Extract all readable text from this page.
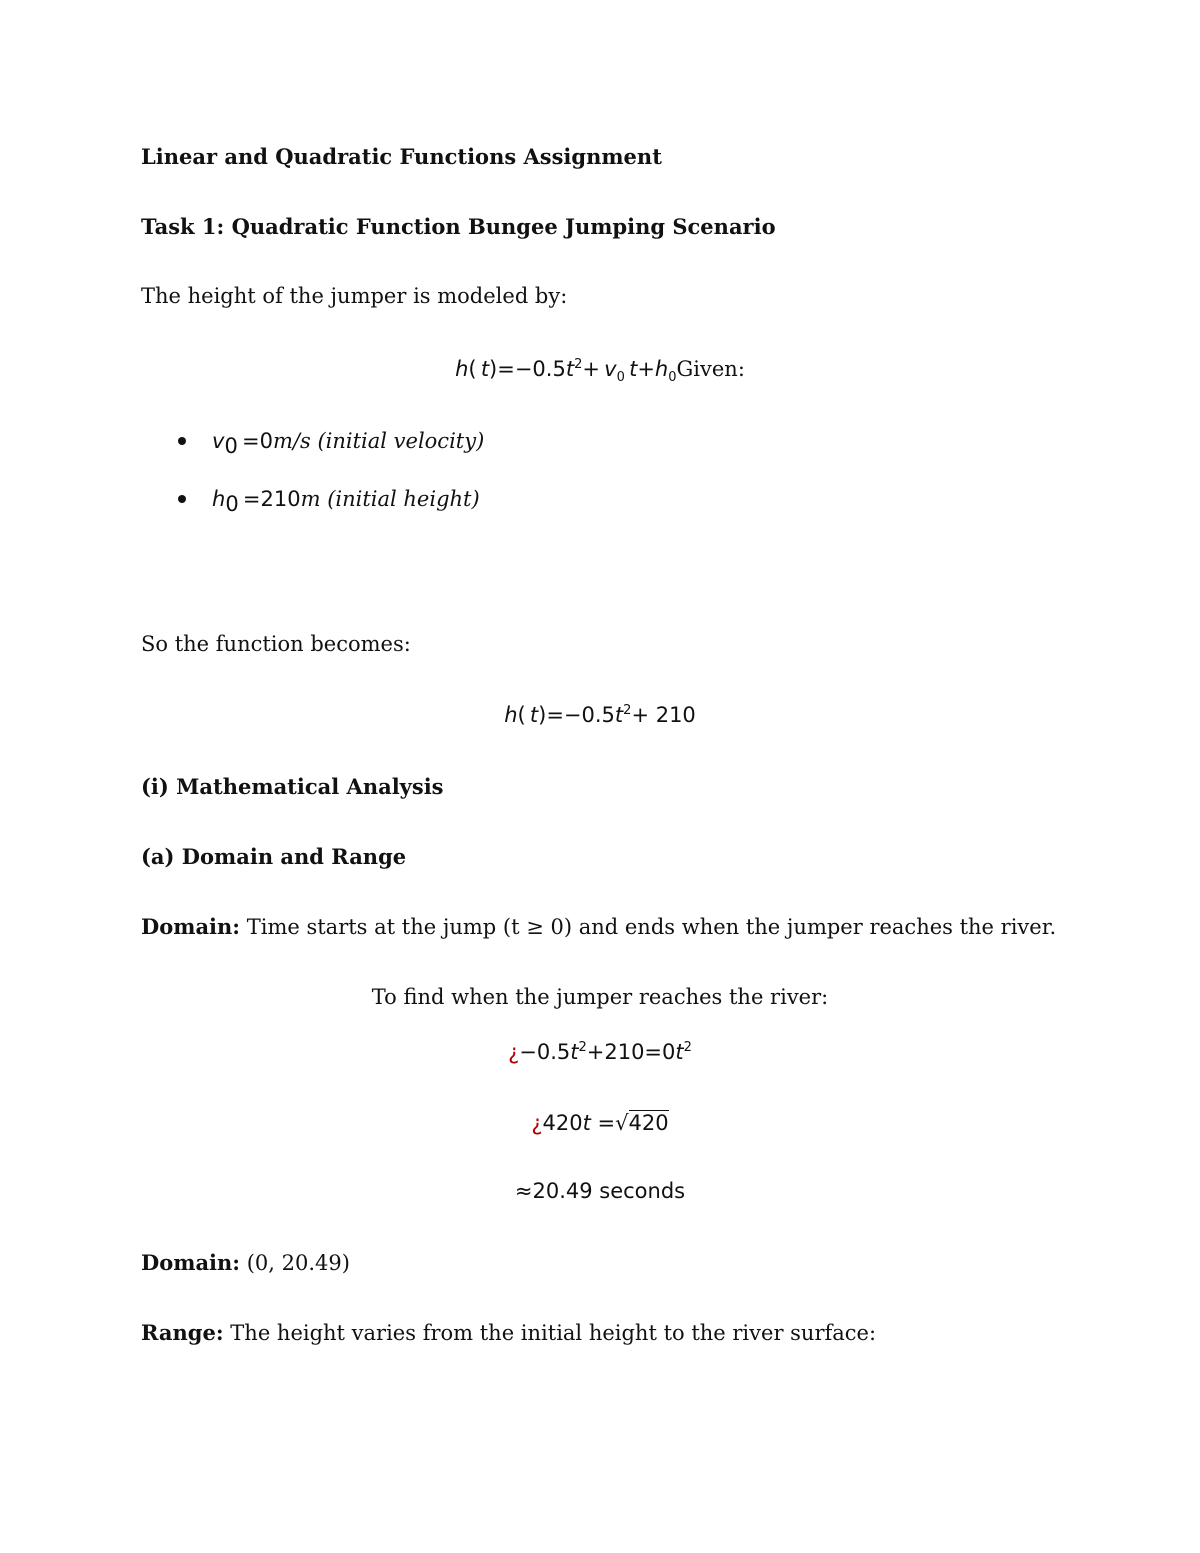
Linear and Quadratic Functions Assignment
Task 1: Quadratic Function Bungee Jumping Scenario
The height of the jumper is modeled by:
h(  $t)=-0.5t^2+ v_0$  $t+h_0Given$:
$v_0 =0m/s$ (initial velocity)
$h_0 =210m$ (initial height)
So the function becomes:
h( $t)=-0.5t^2+ 210$
(i) Mathematical Analysis
(a) Domain and Range
Domain: Time starts at the jump (t ≥ 0) and ends when the jumper reaches the river.
To find when the jumper reaches the river:
¿$-0.5t^2+210=0t^2$
¿420t =√420
≈20.49 seconds
Domain: (0, 20.49)
Range: The height varies from the initial height to the river surface:
